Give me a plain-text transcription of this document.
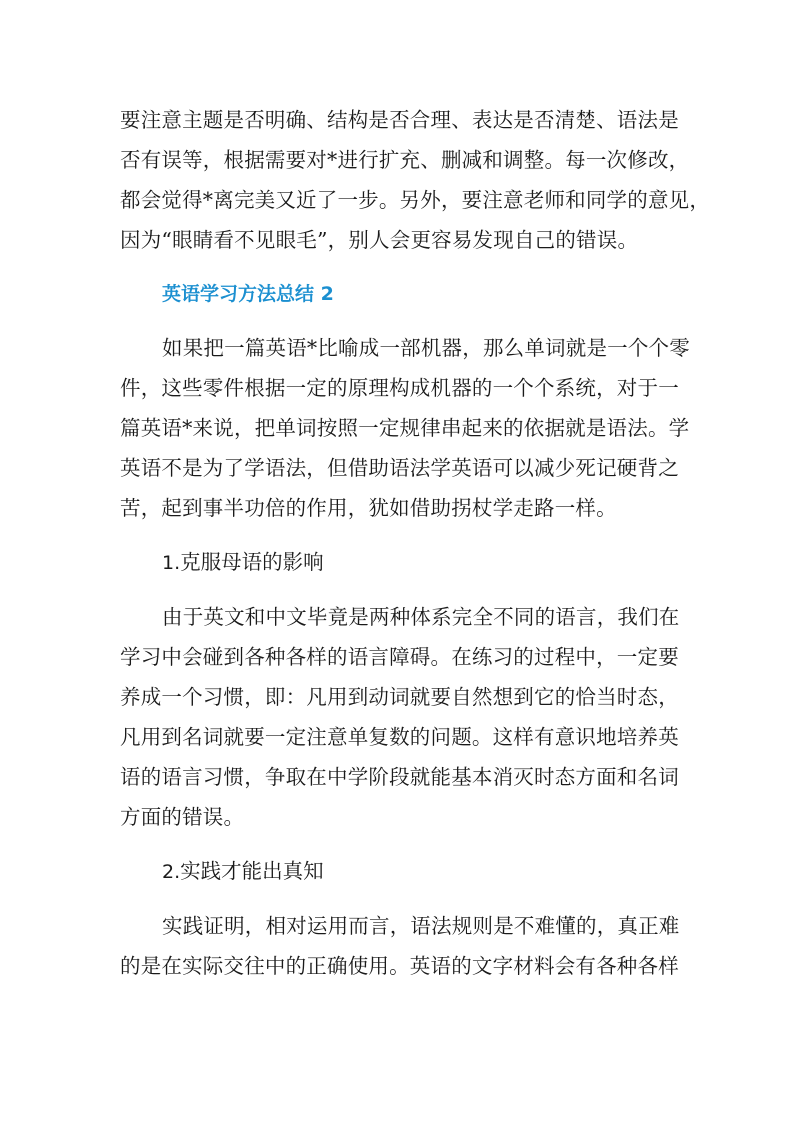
要注意主题是否明确、结构是否合理、表达是否清楚、语法是
否有误等，根据需要对*进行扩充、删减和调整。每一次修改，
都会觉得*离完美又近了一步。另外，要注意老师和同学的意见，
因为“眼睛看不见眼毛”，别人会更容易发现自己的错误。
英语学习方法总结 2
如果把一篇英语*比喻成一部机器，那么单词就是一个个零
件，这些零件根据一定的原理构成机器的一个个系统，对于一
篇英语*来说，把单词按照一定规律串起来的依据就是语法。学
英语不是为了学语法，但借助语法学英语可以减少死记硬背之
苦，起到事半功倍的作用，犹如借助拐杖学走路一样。
1.克服母语的影响
由于英文和中文毕竟是两种体系完全不同的语言，我们在
学习中会碰到各种各样的语言障碍。在练习的过程中，一定要
养成一个习惯，即：凡用到动词就要自然想到它的恰当时态，
凡用到名词就要一定注意单复数的问题。这样有意识地培养英
语的语言习惯，争取在中学阶段就能基本消灭时态方面和名词
方面的错误。
2.实践才能出真知
实践证明，相对运用而言，语法规则是不难懂的，真正难
的是在实际交往中的正确使用。英语的文字材料会有各种各样
